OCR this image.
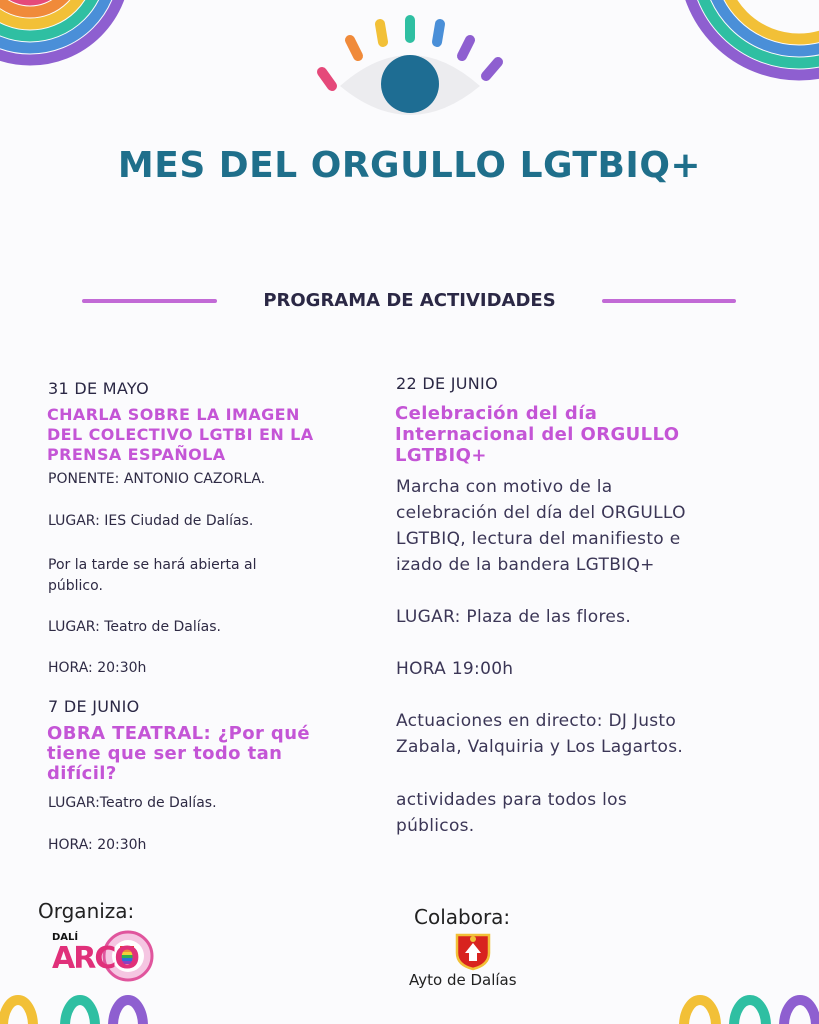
MES DEL ORGULLO LGTBIQ+
PROGRAMA DE ACTIVIDADES
31 DE MAYO
CHARLA SOBRE LA IMAGEN
DEL COLECTIVO LGTBI EN LA
PRENSA ESPAÑOLA
PONENTE: ANTONIO CAZORLA.
LUGAR: IES Ciudad de Dalías.
Por la tarde se hará abierta al
público.
LUGAR: Teatro de Dalías.
HORA: 20:30h
7 DE JUNIO
OBRA TEATRAL: ¿Por qué
tiene que ser todo tan
difícil?
LUGAR:Teatro de Dalías.
HORA: 20:30h
22 DE JUNIO
Celebración del día
Internacional del ORGULLO
LGTBIQ+
Marcha con motivo de la
celebración del día del ORGULLO
LGTBIQ, lectura del manifiesto e
izado de la bandera LGTBIQ+
LUGAR: Plaza de las flores.
HORA 19:00h
Actuaciones en directo: DJ Justo
Zabala, Valquiria y Los Lagartos.
actividades para todos los
públicos.
Organiza:
DALÍ
ARCO
Colabora:
Ayto de Dalías
